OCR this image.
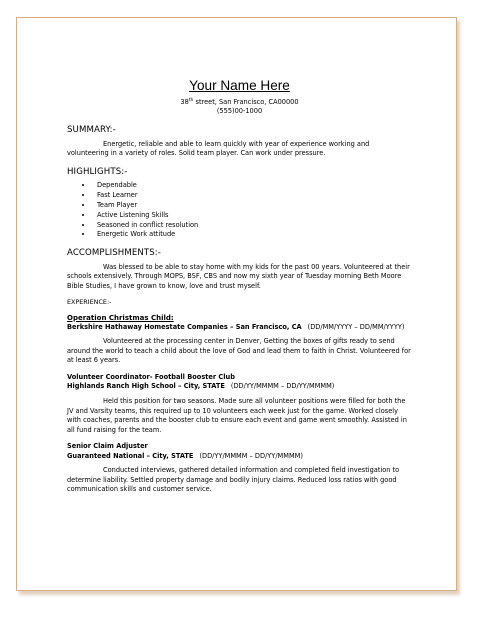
Your Name Here
38th street, San Francisco, CA00000
(555)00-1000
SUMMARY:-

Energetic, reliable and able to learn quickly with year of experience working and volunteering in a variety of roles. Solid team player. Can work under pressure.

HIGHLIGHTS:-
• Dependable
• Fast Learner
• Team Player
• Active Listening Skills
• Seasoned in conflict resolution
• Energetic Work attitude
ACCOMPLISHMENTS:-

Was blessed to be able to stay home with my kids for the past 00 years. Volunteered at their schools extensively. Through MOPS, BSF, CBS and now my sixth year of Tuesday morning Beth Moore Bible Studies, I have grown to know, love and trust myself.

EXPERIENCE:-
Operation Christmas Child:
Berkshire Hathaway Homestate Companies – San Francisco, CA (DD/MM/YYYY – DD/MM/YYYY)

Volunteered at the processing center in Denver, Getting the boxes of gifts ready to send around the world to teach a child about the love of God and lead them to faith in Christ. Volunteered for at least 6 years.

Volunteer Coordinator- Football Booster Club
Highlands Ranch High School – City, STATE (DD/YY/MMMM – DD/YY/MMMM)

Held this position for two seasons. Made sure all volunteer positions were filled for both the JV and Varsity teams, this required up to 10 volunteers each week just for the game. Worked closely with coaches, parents and the booster club to ensure each event and game went smoothly. Assisted in all fund raising for the team.

Senior Claim Adjuster
Guaranteed National – City, STATE (DD/YY/MMMM – DD/YY/MMMM)

Conducted interviews, gathered detailed information and completed field investigation to determine liability. Settled property damage and bodily injury claims. Reduced loss ratios with good communication skills and customer service.
